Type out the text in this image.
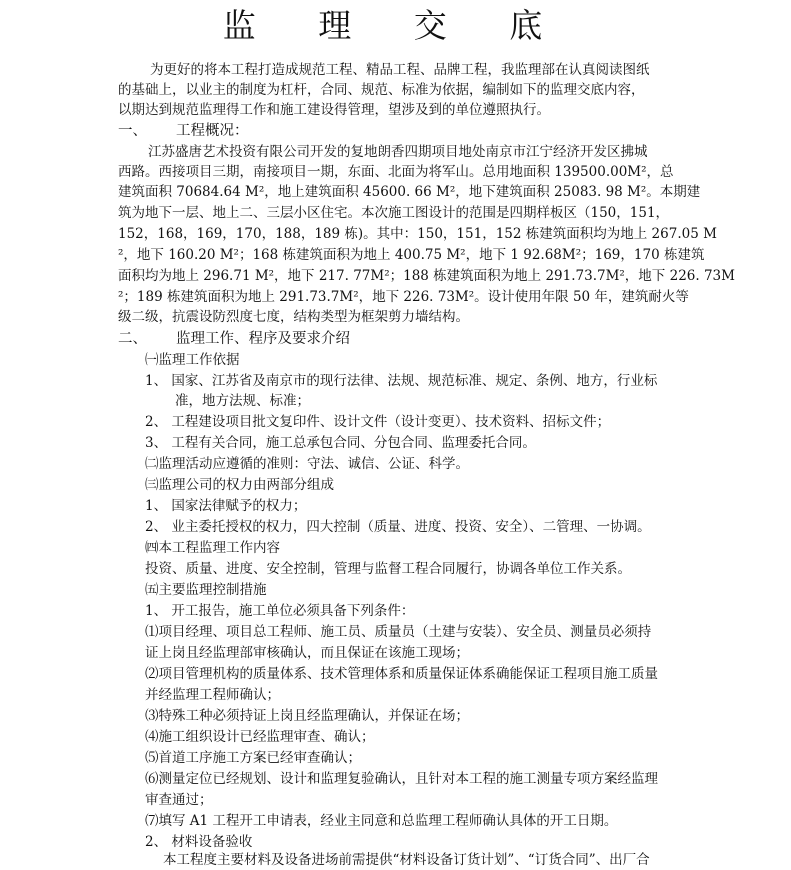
监 理 交 底
为更好的将本工程打造成规范工程、精品工程、品牌工程，我监理部在认真阅读图纸
的基础上，以业主的制度为杠杆，合同、规范、标准为依据，编制如下的监理交底内容，
以期达到规范监理得工作和施工建设得管理，望涉及到的单位遵照执行。
一、 工程概况：
江苏盛唐艺术投资有限公司开发的复地朗香四期项目地处南京市江宁经济开发区拂城
西路。西接项目三期，南接项目一期，东面、北面为将军山。总用地面积 139500.00M²，总
建筑面积 70684.64 M²，地上建筑面积 45600. 66 M²，地下建筑面积 25083. 98 M²。本期建
筑为地下一层、地上二、三层小区住宅。本次施工图设计的范围是四期样板区（150，151，
152，168，169，170，188，189 栋)。其中：150，151，152 栋建筑面积均为地上 267.05 M
²，地下 160.20 M²；168 栋建筑面积为地上 400.75 M²，地下 1 92.68M²；169，170 栋建筑
面积均为地上 296.71 M²，地下 217. 77M²；188 栋建筑面积为地上 291.73.7M²，地下 226. 73M
²；189 栋建筑面积为地上 291.73.7M²，地下 226. 73M²。设计使用年限 50 年，建筑耐火等
级二级，抗震设防烈度七度，结构类型为框架剪力墙结构。
二、 监理工作、程序及要求介绍
㈠监理工作依据
1、 国家、江苏省及南京市的现行法律、法规、规范标准、规定、条例、地方，行业标
准，地方法规、标准；
2、 工程建设项目批文复印件、设计文件（设计变更）、技术资料、招标文件；
3、 工程有关合同，施工总承包合同、分包合同、监理委托合同。
㈡监理活动应遵循的准则：守法、诚信、公证、科学。
㈢监理公司的权力由两部分组成
1、 国家法律赋予的权力；
2、 业主委托授权的权力，四大控制（质量、进度、投资、安全）、二管理、一协调。
㈣本工程监理工作内容
投资、质量、进度、安全控制，管理与监督工程合同履行，协调各单位工作关系。
㈤主要监理控制措施
1、 开工报告，施工单位必须具备下列条件：
⑴项目经理、项目总工程师、施工员、质量员（土建与安装）、安全员、测量员必须持
证上岗且经监理部审核确认，而且保证在该施工现场；
⑵项目管理机构的质量体系、技术管理体系和质量保证体系确能保证工程项目施工质量
并经监理工程师确认；
⑶特殊工种必须持证上岗且经监理确认，并保证在场；
⑷施工组织设计已经监理审查、确认；
⑸首道工序施工方案已经审查确认；
⑹测量定位已经规划、设计和监理复验确认，且针对本工程的施工测量专项方案经监理
审查通过；
⑺填写 A1 工程开工申请表，经业主同意和总监理工程师确认具体的开工日期。
2、 材料设备验收
本工程度主要材料及设备进场前需提供“材料设备订货计划”、“订货合同”、出厂合
